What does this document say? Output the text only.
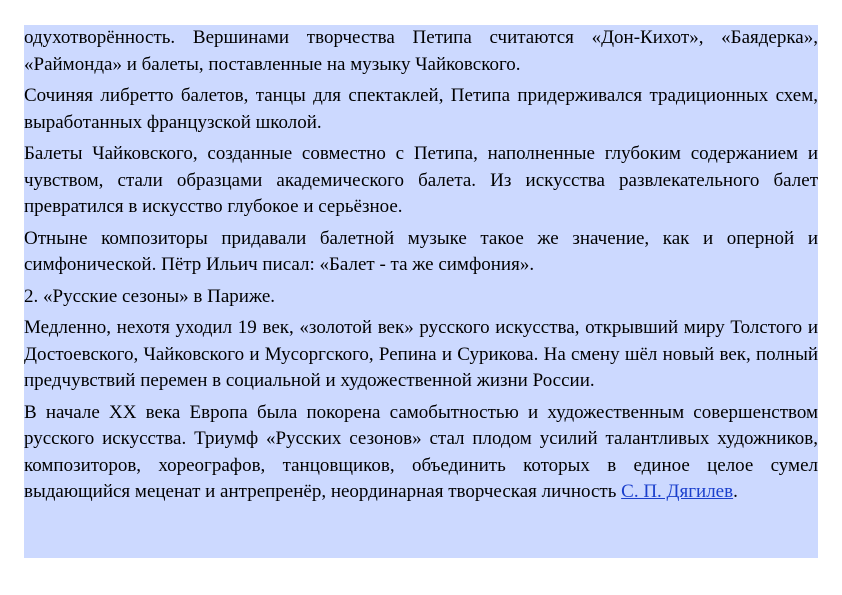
одухотворённость. Вершинами творчества Петипа считаются «Дон-Кихот», «Баядерка», «Раймонда» и балеты, поставленные на музыку Чайковского.

Сочиняя либретто балетов, танцы для спектаклей, Петипа придерживался традиционных схем, выработанных французской школой.

Балеты Чайковского, созданные совместно с Петипа, наполненные глубоким содержанием и чувством, стали образцами академического балета. Из искусства развлекательного балет превратился в искусство глубокое и серьёзное.

Отныне композиторы придавали балетной музыке такое же значение, как и оперной и симфонической. Пётр Ильич писал: «Балет - та же симфония».

2. «Русские сезоны» в Париже.

Медленно, нехотя уходил 19 век, «золотой век» русского искусства, открывший миру Толстого и Достоевского, Чайковского и Мусоргского, Репина и Сурикова. На смену шёл новый век, полный предчувствий перемен в социальной и художественной жизни России.

В начале XX века Европа была покорена самобытностью и художественным совершенством русского искусства. Триумф «Русских сезонов» стал плодом усилий талантливых художников, композиторов, хореографов, танцовщиков, объединить которых в единое целое сумел выдающийся меценат и антрепренёр, неординарная творческая личность С. П. Дягилев.
